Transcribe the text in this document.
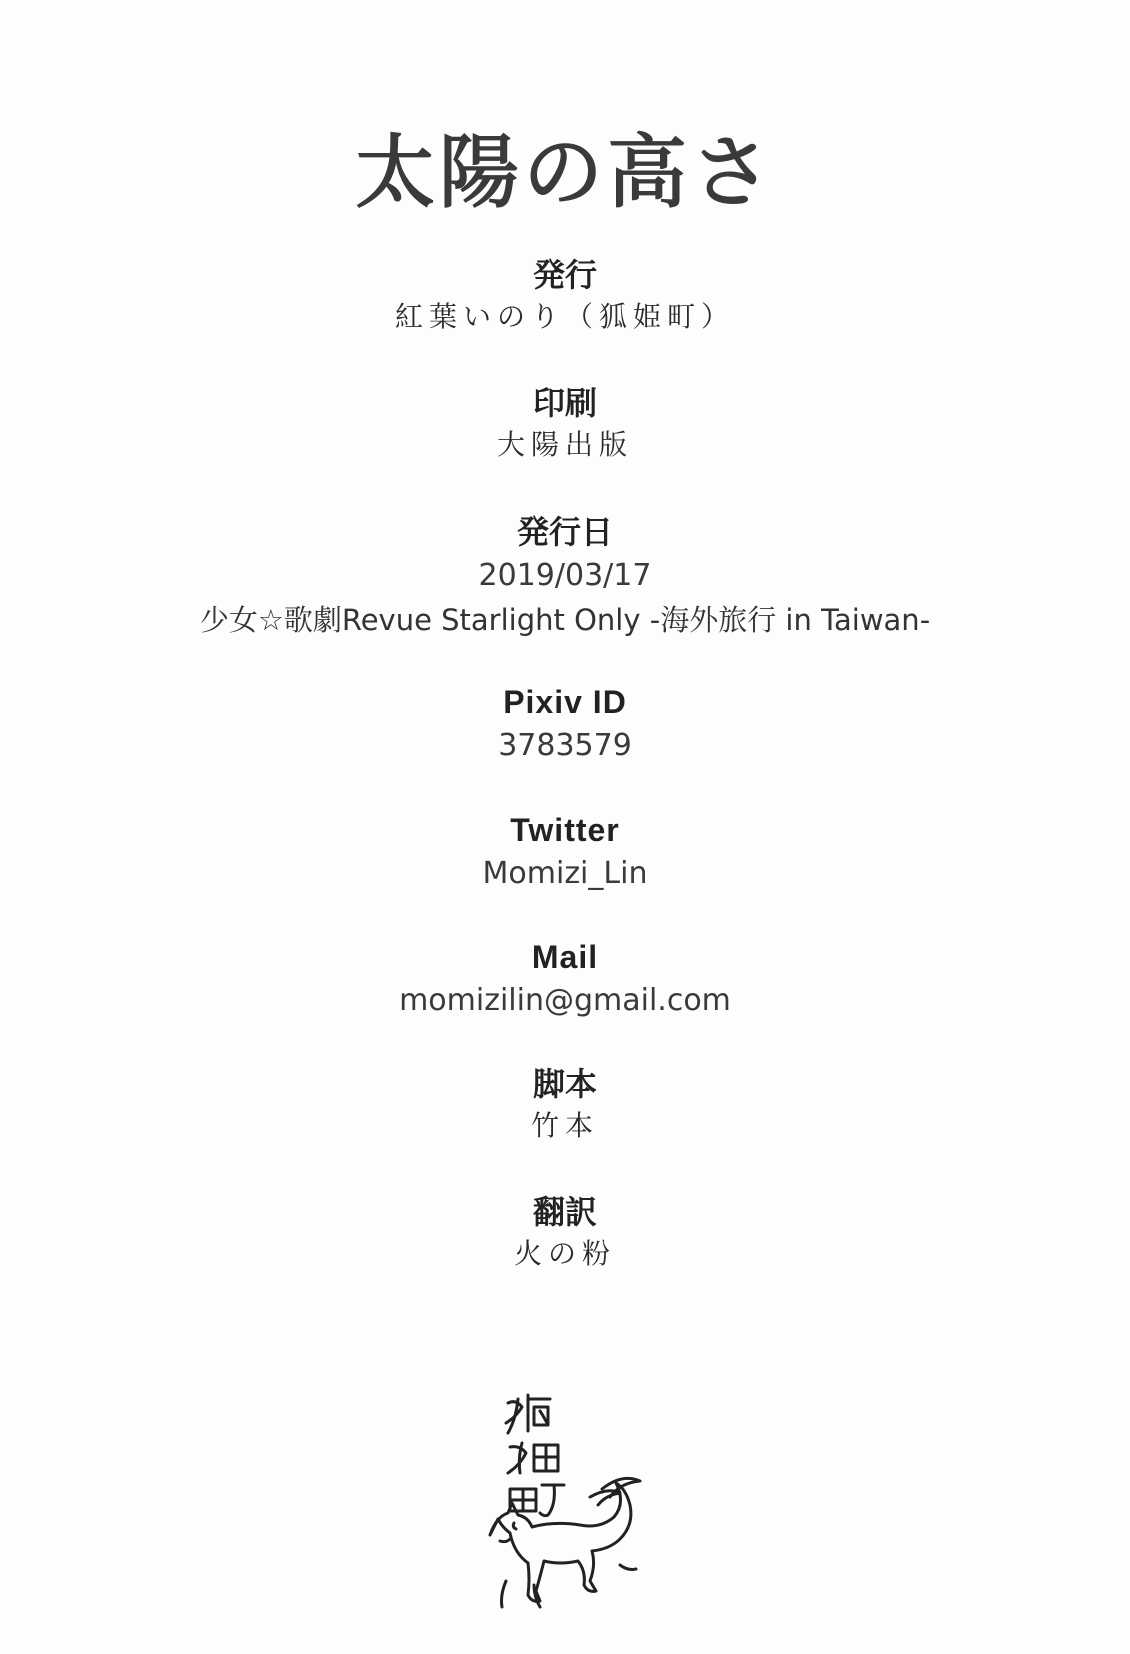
太陽の高さ
発行
紅葉いのり（狐姫町）
印刷
大陽出版
発行日
2019/03/17
少女☆歌劇Revue Starlight Only -海外旅行 in Taiwan-
Pixiv ID
3783579
Twitter
Momizi_Lin
Mail
momizilin@gmail.com
脚本
竹本
翻訳
火の粉
